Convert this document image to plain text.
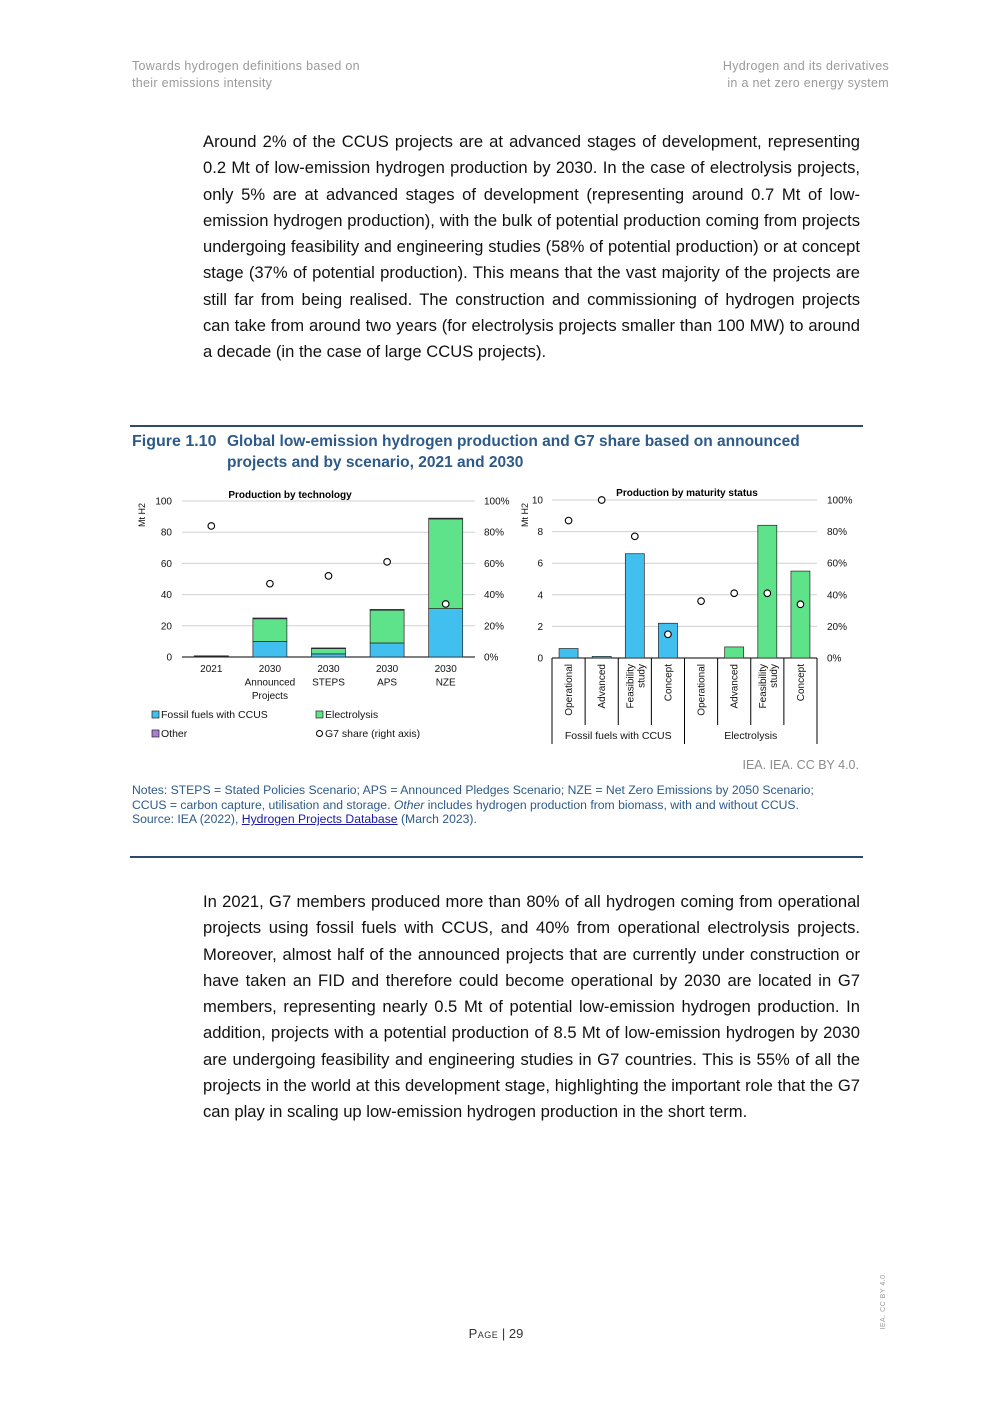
Towards hydrogen definitions based on
their emissions intensity
Hydrogen and its derivatives
in a net zero energy system

Around 2% of the CCUS projects are at advanced stages of development, representing 0.2 Mt of low-emission hydrogen production by 2030. In the case of electrolysis projects, only 5% are at advanced stages of development (representing around 0.7 Mt of low-emission hydrogen production), with the bulk of potential production coming from projects undergoing feasibility and engineering studies (58% of potential production) or at concept stage (37% of potential production). This means that the vast majority of the projects are still far from being realised. The construction and commissioning of hydrogen projects can take from around two years (for electrolysis projects smaller than 100 MW) to around a decade (in the case of large CCUS projects).

Figure 1.10 Global low-emission hydrogen production and G7 share based on announced projects and by scenario, 2021 and 2030
0
20
40
60
80
100
0%
20%
40%
60%
80%
100%
Production by technology
Mt H2
2021	2030 Announced Projects
2030 STEPS
2030 APS
2030 NZE
Fossil fuels with CCUS	Electrolysis
Other	G7 share (right axis)
0
2
4
6
8
10
0%
20%
40%
60%
80%
100%
Production by maturity status
Mt H2
Operational Advanced Feasibilitystudy Concept
Fossil fuels with CCUS
Operational Advanced Feasibilitystudy Concept
Electrolysis
IEA. IEA. CC BY 4.0.
Notes: STEPS = Stated Policies Scenario; APS = Announced Pledges Scenario; NZE = Net Zero Emissions by 2050 Scenario; CCUS = carbon capture, utilisation and storage. Other includes hydrogen production from biomass, with and without CCUS.
Source: IEA (2022), Hydrogen Projects Database (March 2023).

In 2021, G7 members produced more than 80% of all hydrogen coming from operational projects using fossil fuels with CCUS, and 40% from operational electrolysis projects. Moreover, almost half of the announced projects that are currently under construction or have taken an FID and therefore could become operational by 2030 are located in G7 members, representing nearly 0.5 Mt of potential low-emission hydrogen production. In addition, projects with a potential production of 8.5 Mt of low-emission hydrogen by 2030 are undergoing feasibility and engineering studies in G7 countries. This is 55% of all the projects in the world at this development stage, highlighting the important role that the G7 can play in scaling up low-emission hydrogen production in the short term.

Page | 29
IEA. CC BY 4.0.
